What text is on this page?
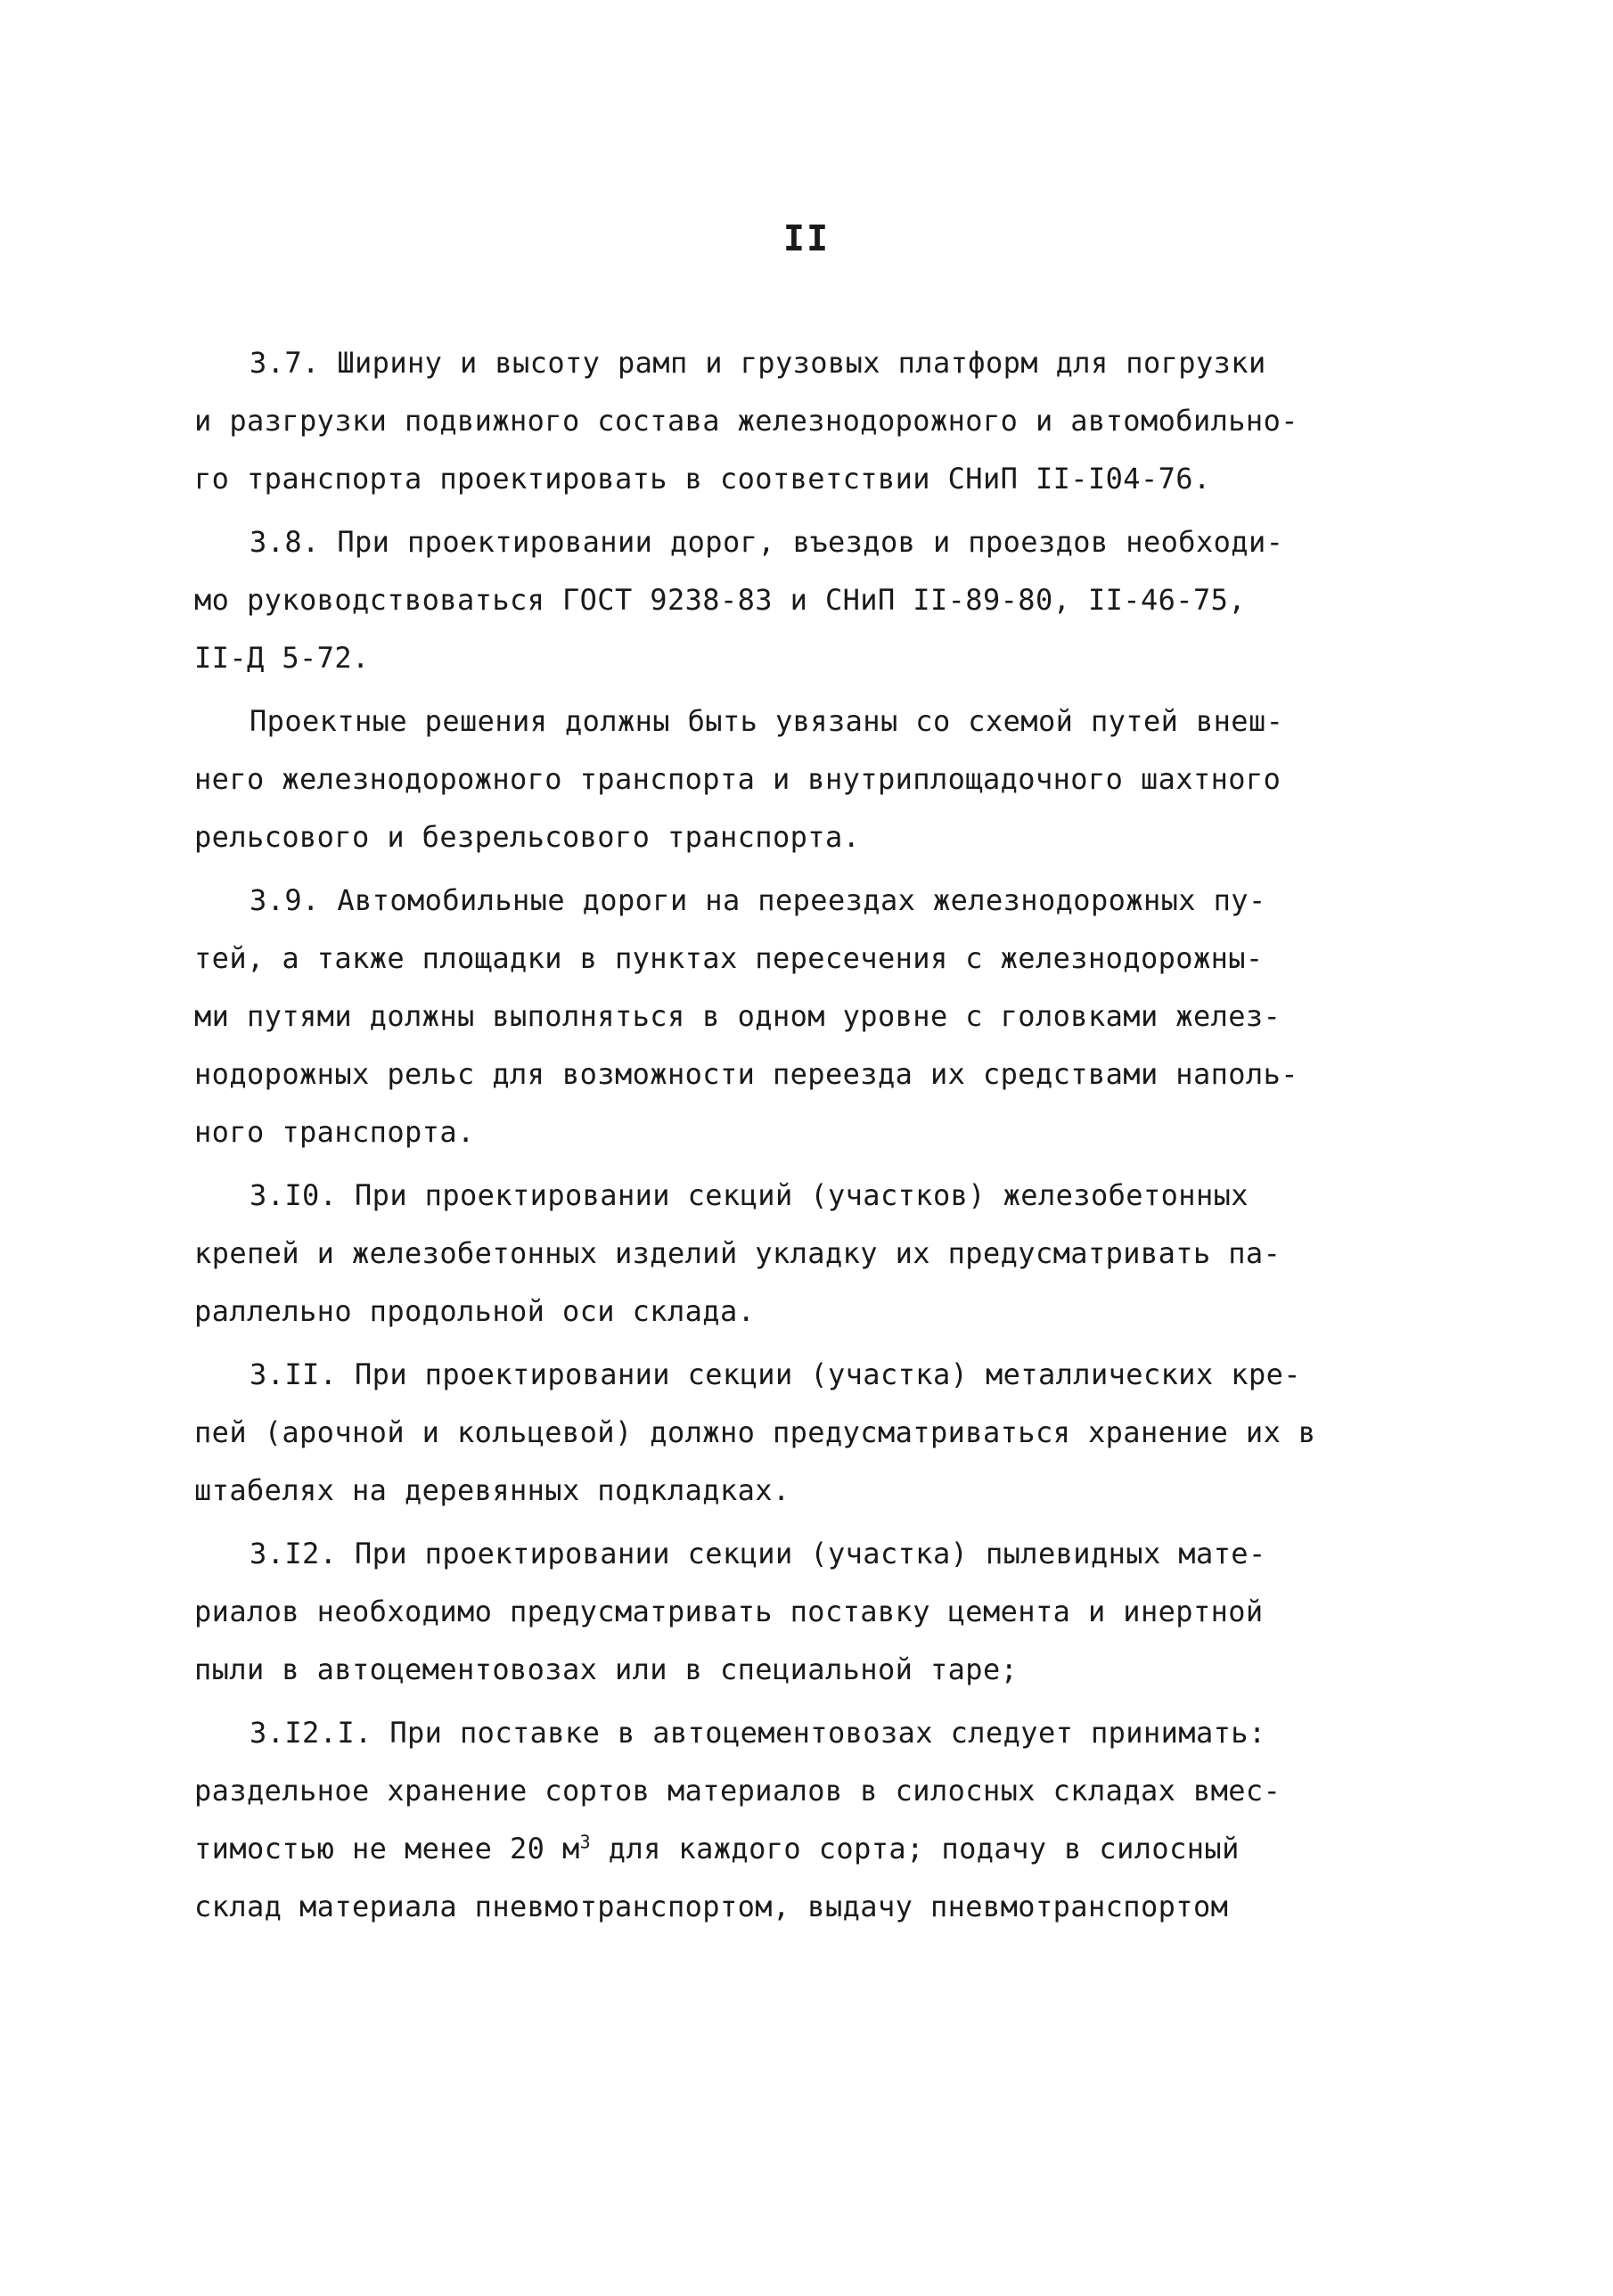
II
3.7. Ширину и высоту рамп и грузовых платформ для погрузки
и разгрузки подвижного состава железнодорожного и автомобильно-
го транспорта проектировать в соответствии СНиП II-I04-76.
3.8. При проектировании дорог, въездов и проездов необходи-
мо руководствоваться ГОСТ 9238-83 и СНиП II-89-80, II-46-75,
II-Д 5-72.
Проектные решения должны быть увязаны со схемой путей внеш-
него железнодорожного транспорта и внутриплощадочного шахтного
рельсового и безрельсового транспорта.
3.9. Автомобильные дороги на переездах железнодорожных пу-
тей, а также площадки в пунктах пересечения с железнодорожны-
ми путями должны выполняться в одном уровне с головками желез-
нодорожных рельс для возможности переезда их средствами наполь-
ного транспорта.
3.I0. При проектировании секций (участков) железобетонных
крепей и железобетонных изделий укладку их предусматривать па-
раллельно продольной оси склада.
3.II. При проектировании секции (участка) металлических кре-
пей (арочной и кольцевой) должно предусматриваться хранение их в
штабелях на деревянных подкладках.
3.I2. При проектировании секции (участка) пылевидных мате-
риалов необходимо предусматривать поставку цемента и инертной
пыли в автоцементовозах или в специальной таре;
3.I2.I. При поставке в автоцементовозах следует принимать:
раздельное хранение сортов материалов в силосных складах вмес-
тимостью не менее 20 $м^3$ для каждого сорта; подачу в силосный
склад материала пневмотранспортом, выдачу пневмотранспортом
